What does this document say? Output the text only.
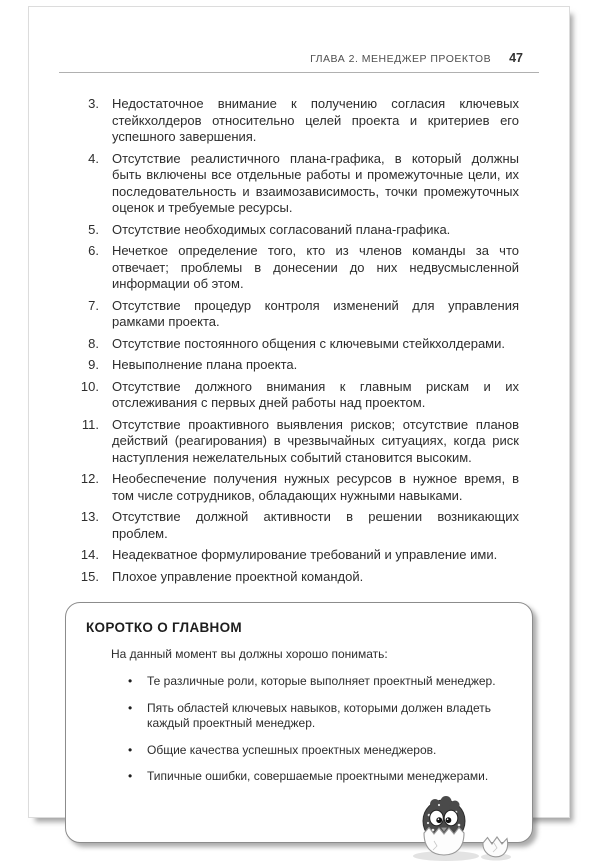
ГЛАВА 2. МЕНЕДЖЕР ПРОЕКТОВ 47
3. Недостаточное внимание к получению согласия ключевых стейкхолдеров относительно целей проекта и критериев его успешного завершения.
4. Отсутствие реалистичного плана-графика, в который должны быть включены все отдельные работы и промежуточные цели, их последовательность и взаимозависимость, точки промежуточных оценок и требуемые ресурсы.
5. Отсутствие необходимых согласований плана-графика.
6. Нечеткое определение того, кто из членов команды за что отвечает; проблемы в донесении до них недвусмысленной информации об этом.
7. Отсутствие процедур контроля изменений для управления рамками проекта.
8. Отсутствие постоянного общения с ключевыми стейкхолдерами.
9. Невыполнение плана проекта.
10. Отсутствие должного внимания к главным рискам и их отслеживания с первых дней работы над проектом.
11. Отсутствие проактивного выявления рисков; отсутствие планов действий (реагирования) в чрезвычайных ситуациях, когда риск наступления нежелательных событий становится высоким.
12. Необеспечение получения нужных ресурсов в нужное время, в том числе сотрудников, обладающих нужными навыками.
13. Отсутствие должной активности в решении возникающих проблем.
14. Неадекватное формулирование требований и управление ими.
15. Плохое управление проектной командой.
КОРОТКО О ГЛАВНОМ
На данный момент вы должны хорошо понимать:
•	Те различные роли, которые выполняет проектный менеджер.
•	Пять областей ключевых навыков, которыми должен владеть каждый проектный менеджер.
•	Общие качества успешных проектных менеджеров.
•	Типичные ошибки, совершаемые проектными менеджерами.
